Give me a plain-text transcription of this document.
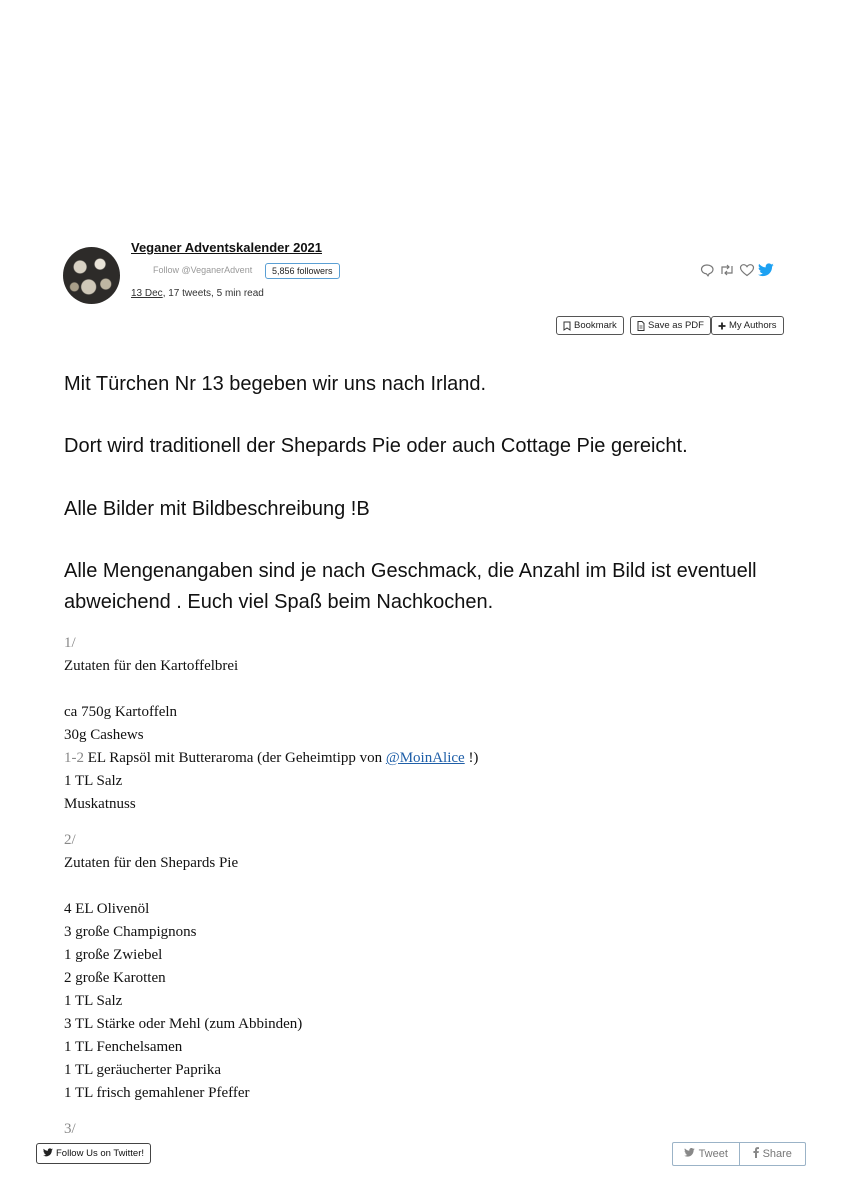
Veganer Adventskalender 2021
Follow @VeganerAdvent	5,856 followers
13 Dec, 17 tweets, 5 min read
Bookmark	Save as PDF	My Authors

Mit Türchen Nr 13 begeben wir uns nach Irland.

Dort wird traditionell der Shepards Pie oder auch Cottage Pie gereicht.

Alle Bilder mit Bildbeschreibung !B

Alle Mengenangaben sind je nach Geschmack, die Anzahl im Bild ist eventuell abweichend . Euch viel Spaß beim Nachkochen.

1/
Zutaten für den Kartoffelbrei
ca 750g Kartoffeln
30g Cashews
1-2 EL Rapsöl mit Butteraroma (der Geheimtipp von @MoinAlice !)
1 TL Salz
Muskatnuss
2/
Zutaten für den Shepards Pie
4 EL Olivenöl
3 große Champignons
1 große Zwiebel
2 große Karotten
1 TL Salz
3 TL Stärke oder Mehl (zum Abbinden)
1 TL Fenchelsamen
1 TL geräucherter Paprika
1 TL frisch gemahlener Pfeffer
3/
Follow Us on Twitter!	Tweet	Share
